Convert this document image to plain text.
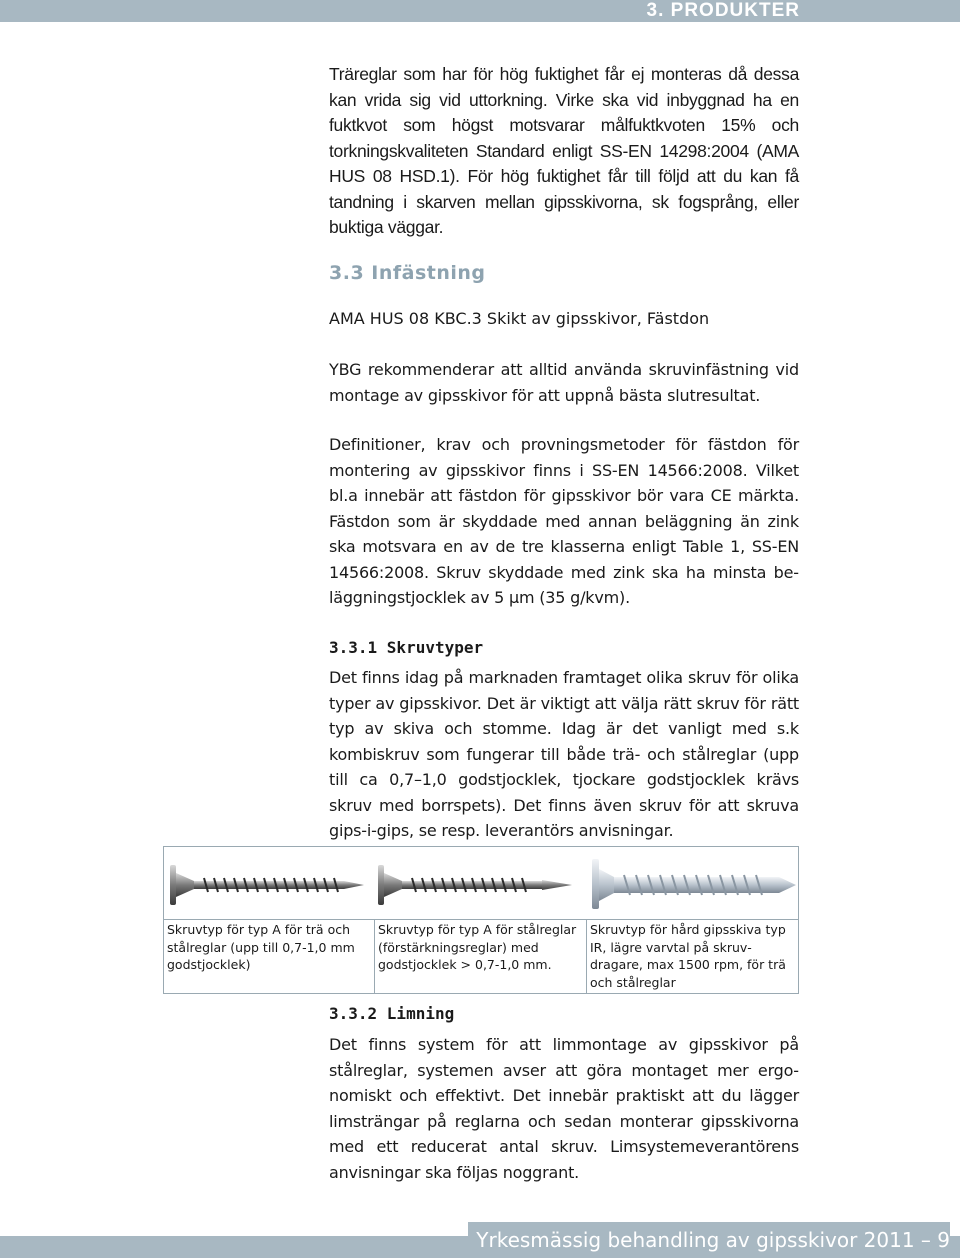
3. PRODUKTER
Träreglar som har för hög fuktighet får ej monteras då dessa kan vrida sig vid uttorkning. Virke ska vid inbyggnad ha en fuktkvot som högst motsvarar målfuktkvoten 15% och torkningskvaliteten Standard enligt SS-EN 14298:2004 (AMA HUS 08 HSD.1). För hög fuktighet får till följd att du kan få tandning i skarven mellan gipsskivorna, sk fogsprång, eller buktiga väggar.
3.3 Infästning
AMA HUS 08 KBC.3 Skikt av gipsskivor, Fästdon
YBG rekommenderar att alltid använda skruvinfästning vid montage av gipsskivor för att uppnå bästa slutresultat.
Definitioner, krav och provningsmetoder för fästdon för montering av gipsskivor finns i SS-EN 14566:2008. Vilket bl.a innebär att fästdon för gipsskivor bör vara CE märkta. Fästdon som är skyddade med annan beläggning än zink ska motsvara en av de tre klasserna enligt Table 1, SS-EN 14566:2008. Skruv skyddade med zink ska ha minsta beläggningstjocklek av 5 μm (35 g/kvm).
3.3.1 Skruvtyper
Det finns idag på marknaden framtaget olika skruv för olika typer av gipsskivor. Det är viktigt att välja rätt skruv för rätt typ av skiva och stomme. Idag är det vanligt med s.k kombiskruv som fungerar till både trä- och stålreglar (upp till ca 0,7–1,0 godstjocklek, tjockare godstjocklek krävs skruv med borrspets). Det finns även skruv för att skruva gips-i-gips, se resp. leverantörs anvisningar.
Skruvtyp för typ A för trä och stålreglar (upp till 0,7-1,0 mm godstjocklek)
Skruvtyp för typ A för stålreglar (förstärkningsreglar) med godstjocklek > 0,7-1,0 mm.
Skruvtyp för hård gipsskiva typ IR, lägre varvtal på skruvdragare, max 1500 rpm, för trä och stålreglar
3.3.2 Limning
Det finns system för att limmontage av gipsskivor på stålreglar, systemen avser att göra montaget mer ergonomiskt och effektivt. Det innebär praktiskt att du lägger limsträngar på reglarna och sedan monterar gipsskivorna med ett reducerat antal skruv. Limsystemeverantörens anvisningar ska följas noggrant.
Yrkesmässig behandling av gipsskivor 2011 – 9
